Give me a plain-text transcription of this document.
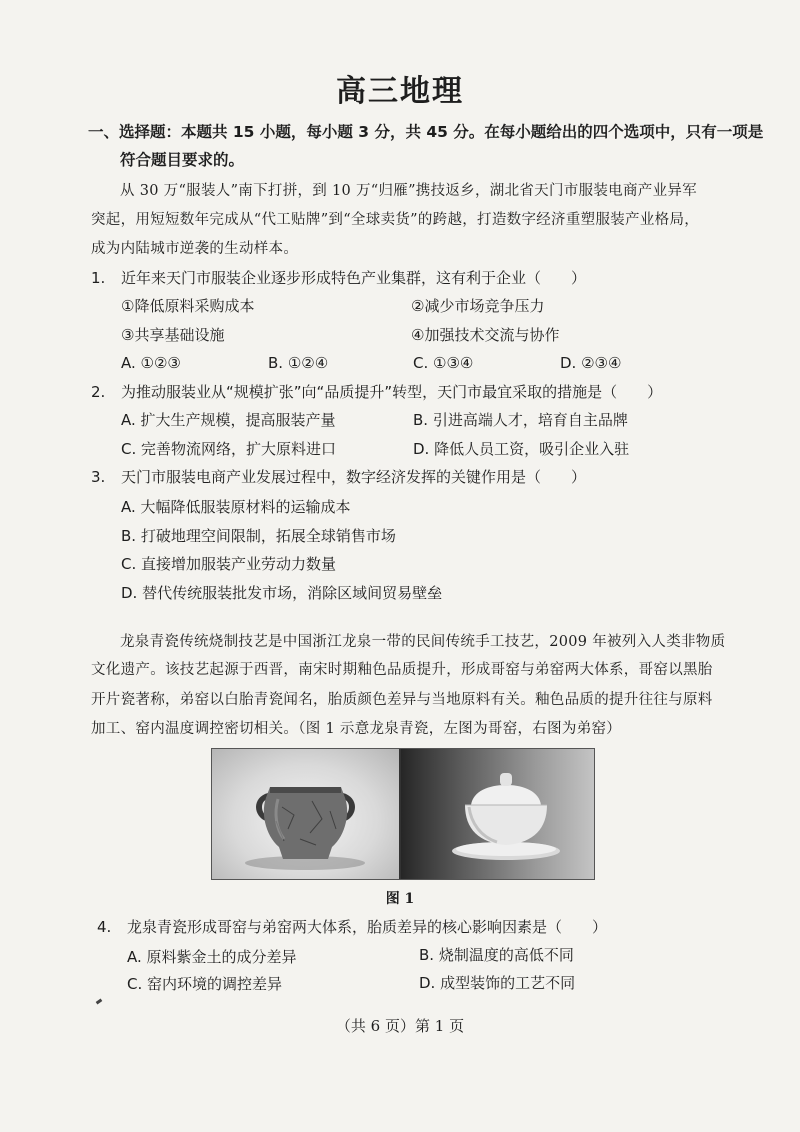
高三地理
一、选择题：本题共 15 小题，每小题 3 分，共 45 分。在每小题给出的四个选项中，只有一项是
符合题目要求的。
从 30 万“服装人”南下打拼，到 10 万“归雁”携技返乡，湖北省天门市服装电商产业异军
突起，用短短数年完成从“代工贴牌”到“全球卖货”的跨越，打造数字经济重塑服装产业格局，
成为内陆城市逆袭的生动样本。
1. 近年来天门市服装企业逐步形成特色产业集群，这有利于企业（　　）
①降低原料采购成本	②减少市场竞争压力
③共享基础设施	④加强技术交流与协作
A. ①②③	B. ①②④	C. ①③④	D. ②③④
2. 为推动服装业从“规模扩张”向“品质提升”转型，天门市最宜采取的措施是（　　）
A. 扩大生产规模，提高服装产量	B. 引进高端人才，培育自主品牌
C. 完善物流网络，扩大原料进口	D. 降低人员工资，吸引企业入驻
3. 天门市服装电商产业发展过程中，数字经济发挥的关键作用是（　　）
A. 大幅降低服装原材料的运输成本
B. 打破地理空间限制，拓展全球销售市场
C. 直接增加服装产业劳动力数量
D. 替代传统服装批发市场，消除区域间贸易壁垒
龙泉青瓷传统烧制技艺是中国浙江龙泉一带的民间传统手工技艺，2009 年被列入人类非物质
文化遗产。该技艺起源于西晋，南宋时期釉色品质提升，形成哥窑与弟窑两大体系，哥窑以黑胎
开片瓷著称，弟窑以白胎青瓷闻名，胎质颜色差异与当地原料有关。釉色品质的提升往往与原料
加工、窑内温度调控密切相关。（图 1 示意龙泉青瓷，左图为哥窑，右图为弟窑）
图 1
4. 龙泉青瓷形成哥窑与弟窑两大体系，胎质差异的核心影响因素是（　　）
A. 原料紫金土的成分差异	B. 烧制温度的高低不同
C. 窑内环境的调控差异	D. 成型装饰的工艺不同
（共 6 页）第 1 页
